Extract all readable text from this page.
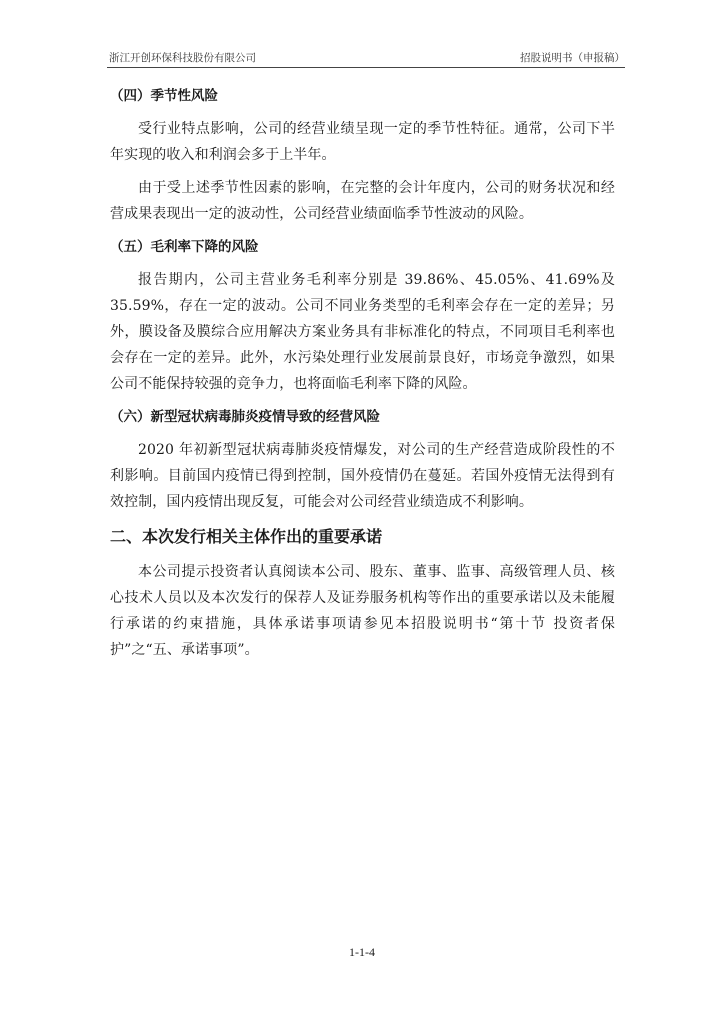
浙江开创环保科技股份有限公司	招股说明书（申报稿）
（四）季节性风险

受行业特点影响，公司的经营业绩呈现一定的季节性特征。通常，公司下半年实现的收入和利润会多于上半年。

由于受上述季节性因素的影响，在完整的会计年度内，公司的财务状况和经营成果表现出一定的波动性，公司经营业绩面临季节性波动的风险。

（五）毛利率下降的风险

报告期内，公司主营业务毛利率分别是 39.86%、45.05%、41.69%及 35.59%，存在一定的波动。公司不同业务类型的毛利率会存在一定的差异；另外，膜设备及膜综合应用解决方案业务具有非标准化的特点，不同项目毛利率也会存在一定的差异。此外，水污染处理行业发展前景良好，市场竞争激烈，如果公司不能保持较强的竞争力，也将面临毛利率下降的风险。

（六）新型冠状病毒肺炎疫情导致的经营风险

2020 年初新型冠状病毒肺炎疫情爆发，对公司的生产经营造成阶段性的不利影响。目前国内疫情已得到控制，国外疫情仍在蔓延。若国外疫情无法得到有效控制，国内疫情出现反复，可能会对公司经营业绩造成不利影响。

二、本次发行相关主体作出的重要承诺

本公司提示投资者认真阅读本公司、股东、董事、监事、高级管理人员、核心技术人员以及本次发行的保荐人及证券服务机构等作出的重要承诺以及未能履行承诺的约束措施，具体承诺事项请参见本招股说明书“第十节 投资者保护”之“五、承诺事项”。

1-1-4
